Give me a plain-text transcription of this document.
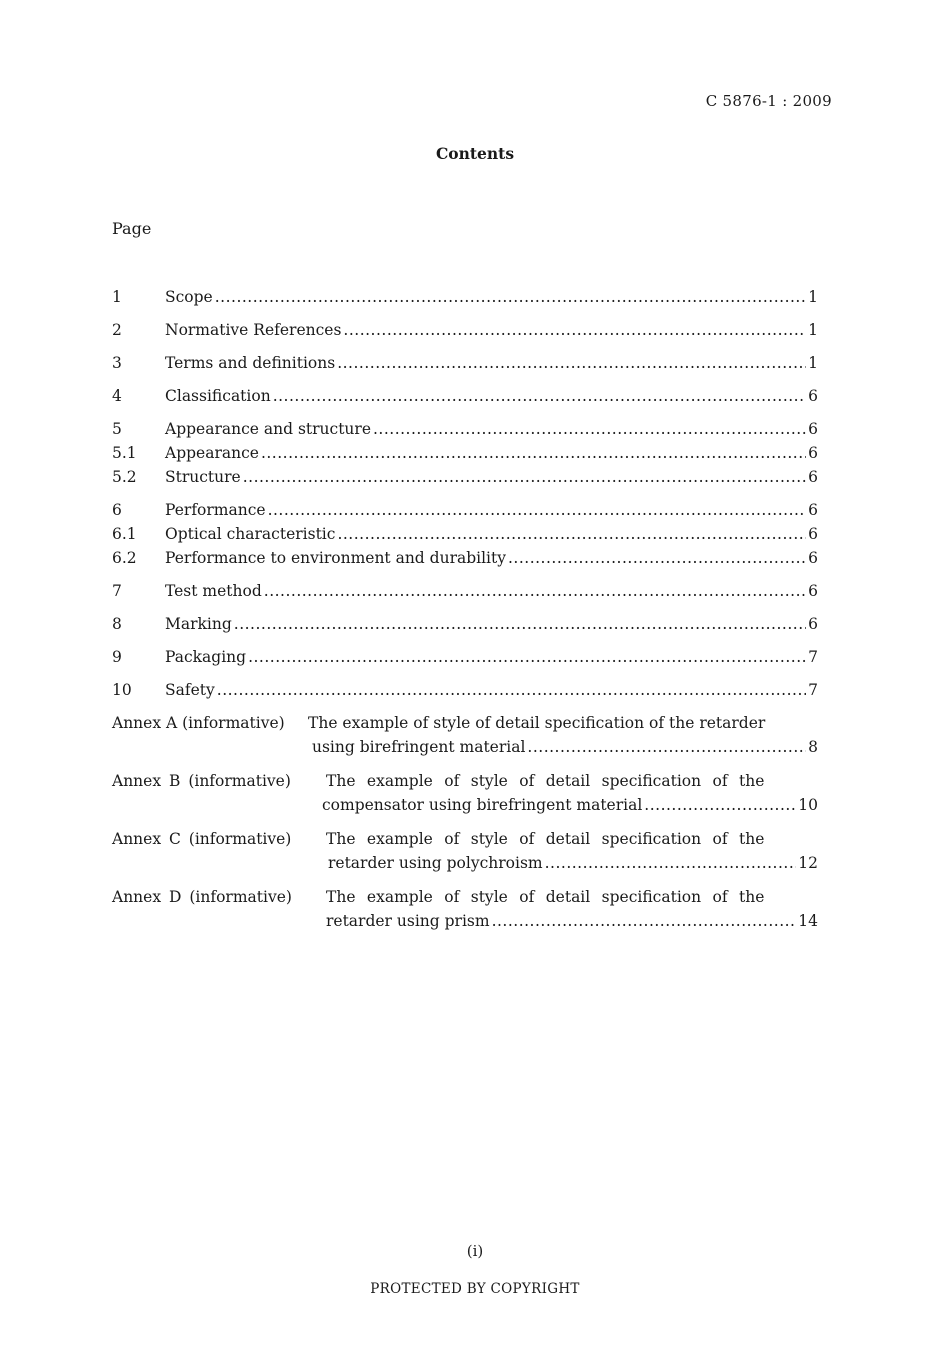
C 5876-1 : 2009
Contents
Page
1	Scope .....	1
2	Normative References .....	1
3	Terms and definitions .....	1
4	Classification .....	6
5	Appearance and structure .....	6
5.1	Appearance .....	6
5.2	Structure .....	6
6	Performance .....	6
6.1	Optical characteristic .....	6
6.2	Performance to environment and durability .....	6
7	Test method .....	6
8	Marking .....	6
9	Packaging .....	7
10	Safety .....	7
Annex A (informative)	The example of style of detail specification of the retarder
using birefringent material .....	8
Annex B (informative)	The example of style of detail specification of the
compensator using birefringent material .....	10
Annex C (informative)	The example of style of detail specification of the
retarder using polychroism .....	12
Annex D (informative)	The example of style of detail specification of the
retarder using prism .....	14
(i)
PROTECTED BY COPYRIGHT
